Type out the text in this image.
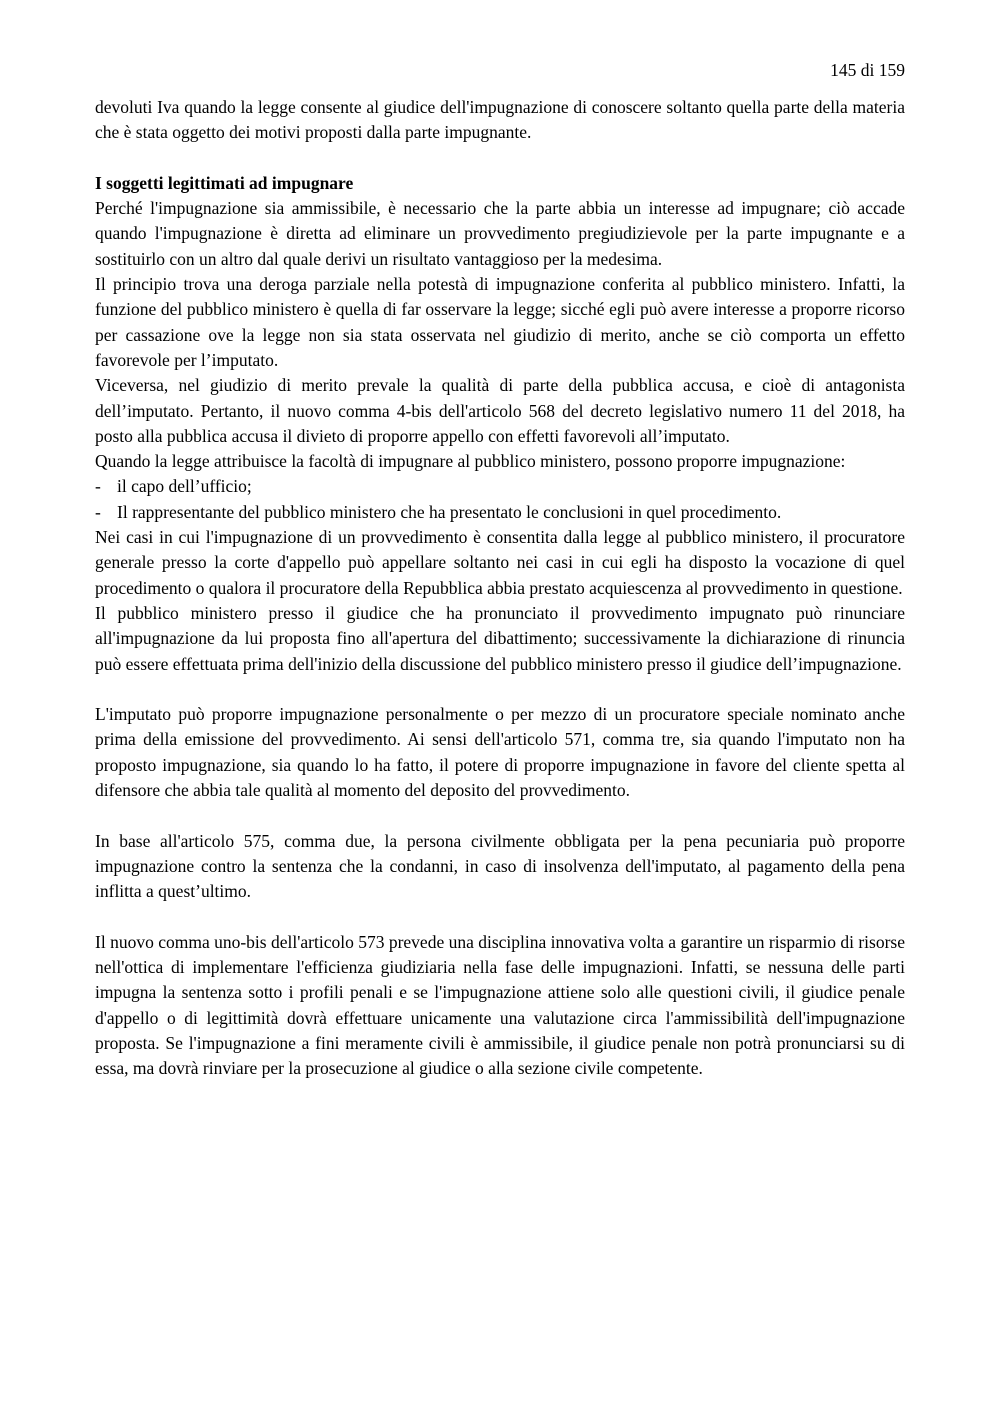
145 di 159

devoluti Iva quando la legge consente al giudice dell'impugnazione di conoscere soltanto quella parte della materia che è stata oggetto dei motivi proposti dalla parte impugnante.

I soggetti legittimati ad impugnare

Perché l'impugnazione sia ammissibile, è necessario che la parte abbia un interesse ad impugnare; ciò accade quando l'impugnazione è diretta ad eliminare un provvedimento pregiudizievole per la parte impugnante e a sostituirlo con un altro dal quale derivi un risultato vantaggioso per la medesima.

Il principio trova una deroga parziale nella potestà di impugnazione conferita al pubblico ministero. Infatti, la funzione del pubblico ministero è quella di far osservare la legge; sicché egli può avere interesse a proporre ricorso per cassazione ove la legge non sia stata osservata nel giudizio di merito, anche se ciò comporta un effetto favorevole per l’imputato.

Viceversa, nel giudizio di merito prevale la qualità di parte della pubblica accusa, e cioè di antagonista dell’imputato. Pertanto, il nuovo comma 4-bis dell'articolo 568 del decreto legislativo numero 11 del 2018, ha posto alla pubblica accusa il divieto di proporre appello con effetti favorevoli all’imputato.

Quando la legge attribuisce la facoltà di impugnare al pubblico ministero, possono proporre impugnazione:

- il capo dell’ufficio;
- Il rappresentante del pubblico ministero che ha presentato le conclusioni in quel procedimento.

Nei casi in cui l'impugnazione di un provvedimento è consentita dalla legge al pubblico ministero, il procuratore generale presso la corte d'appello può appellare soltanto nei casi in cui egli ha disposto la vocazione di quel procedimento o qualora il procuratore della Repubblica abbia prestato acquiescenza al provvedimento in questione.

Il pubblico ministero presso il giudice che ha pronunciato il provvedimento impugnato può rinunciare all'impugnazione da lui proposta fino all'apertura del dibattimento; successivamente la dichiarazione di rinuncia può essere effettuata prima dell'inizio della discussione del pubblico ministero presso il giudice dell’impugnazione.

L'imputato può proporre impugnazione personalmente o per mezzo di un procuratore speciale nominato anche prima della emissione del provvedimento. Ai sensi dell'articolo 571, comma tre, sia quando l'imputato non ha proposto impugnazione, sia quando lo ha fatto, il potere di proporre impugnazione in favore del cliente spetta al difensore che abbia tale qualità al momento del deposito del provvedimento.

In base all'articolo 575, comma due, la persona civilmente obbligata per la pena pecuniaria può proporre impugnazione contro la sentenza che la condanni, in caso di insolvenza dell'imputato, al pagamento della pena inflitta a quest’ultimo.

Il nuovo comma uno-bis dell'articolo 573 prevede una disciplina innovativa volta a garantire un risparmio di risorse nell'ottica di implementare l'efficienza giudiziaria nella fase delle impugnazioni. Infatti, se nessuna delle parti impugna la sentenza sotto i profili penali e se l'impugnazione attiene solo alle questioni civili, il giudice penale d'appello o di legittimità dovrà effettuare unicamente una valutazione circa l'ammissibilità dell'impugnazione proposta. Se l'impugnazione a fini meramente civili è ammissibile, il giudice penale non potrà pronunciarsi su di essa, ma dovrà rinviare per la prosecuzione al giudice o alla sezione civile competente.
